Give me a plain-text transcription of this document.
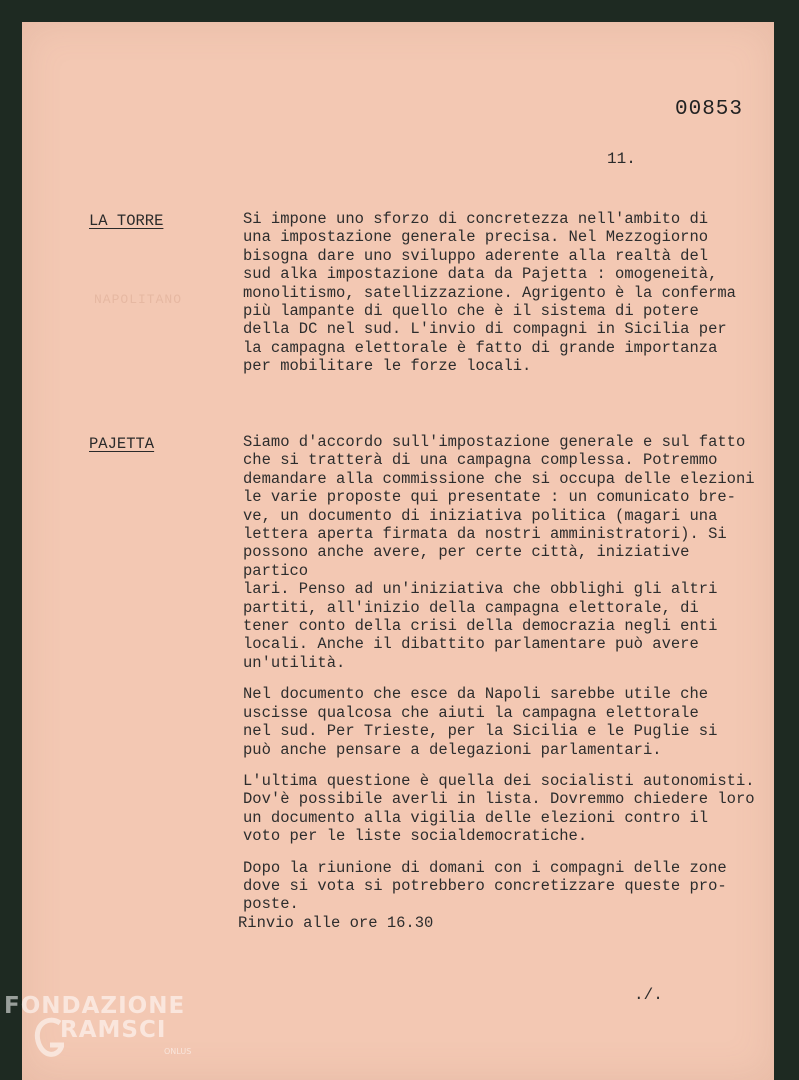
NAPOLITANO
00853
11.
LA TORRE	Si impone uno sforzo di concretezza nell'ambito di
una impostazione generale precisa. Nel Mezzogiorno
bisogna dare uno sviluppo aderente alla realtà del
sud alka impostazione data da Pajetta : omogeneità,
monolitismo, satellizzazione. Agrigento è la conferma
più lampante di quello che è il sistema di potere
della DC nel sud. L'invio di compagni in Sicilia per
la campagna elettorale è fatto di grande importanza
per mobilitare le forze locali.

PAJETTA	Siamo d'accordo sull'impostazione generale e sul fatto
che si tratterà di una campagna complessa. Potremmo
demandare alla commissione che si occupa delle elezioni
le varie proposte qui presentate : un comunicato bre-
ve, un documento di iniziativa politica (magari una
lettera aperta firmata da nostri amministratori). Si
possono anche avere, per certe città, iniziative partico
lari. Penso ad un'iniziativa che obblighi gli altri
partiti, all'inizio della campagna elettorale, di
tener conto della crisi della democrazia negli enti
locali. Anche il dibattito parlamentare può avere
un'utilità.

Nel documento che esce da Napoli sarebbe utile che
uscisse qualcosa che aiuti la campagna elettorale
nel sud. Per Trieste, per la Sicilia e le Puglie si
può anche pensare a delegazioni parlamentari.

L'ultima questione è quella dei socialisti autonomisti.
Dov'è possibile averli in lista. Dovremmo chiedere loro
un documento alla vigilia delle elezioni contro il
voto per le liste socialdemocratiche.

Dopo la riunione di domani con i compagni delle zone
dove si vota si potrebbero concretizzare queste pro-
poste.

Rinvio alle ore 16.30
./.
FONDAZIONE
RAMSCI
ONLUS
